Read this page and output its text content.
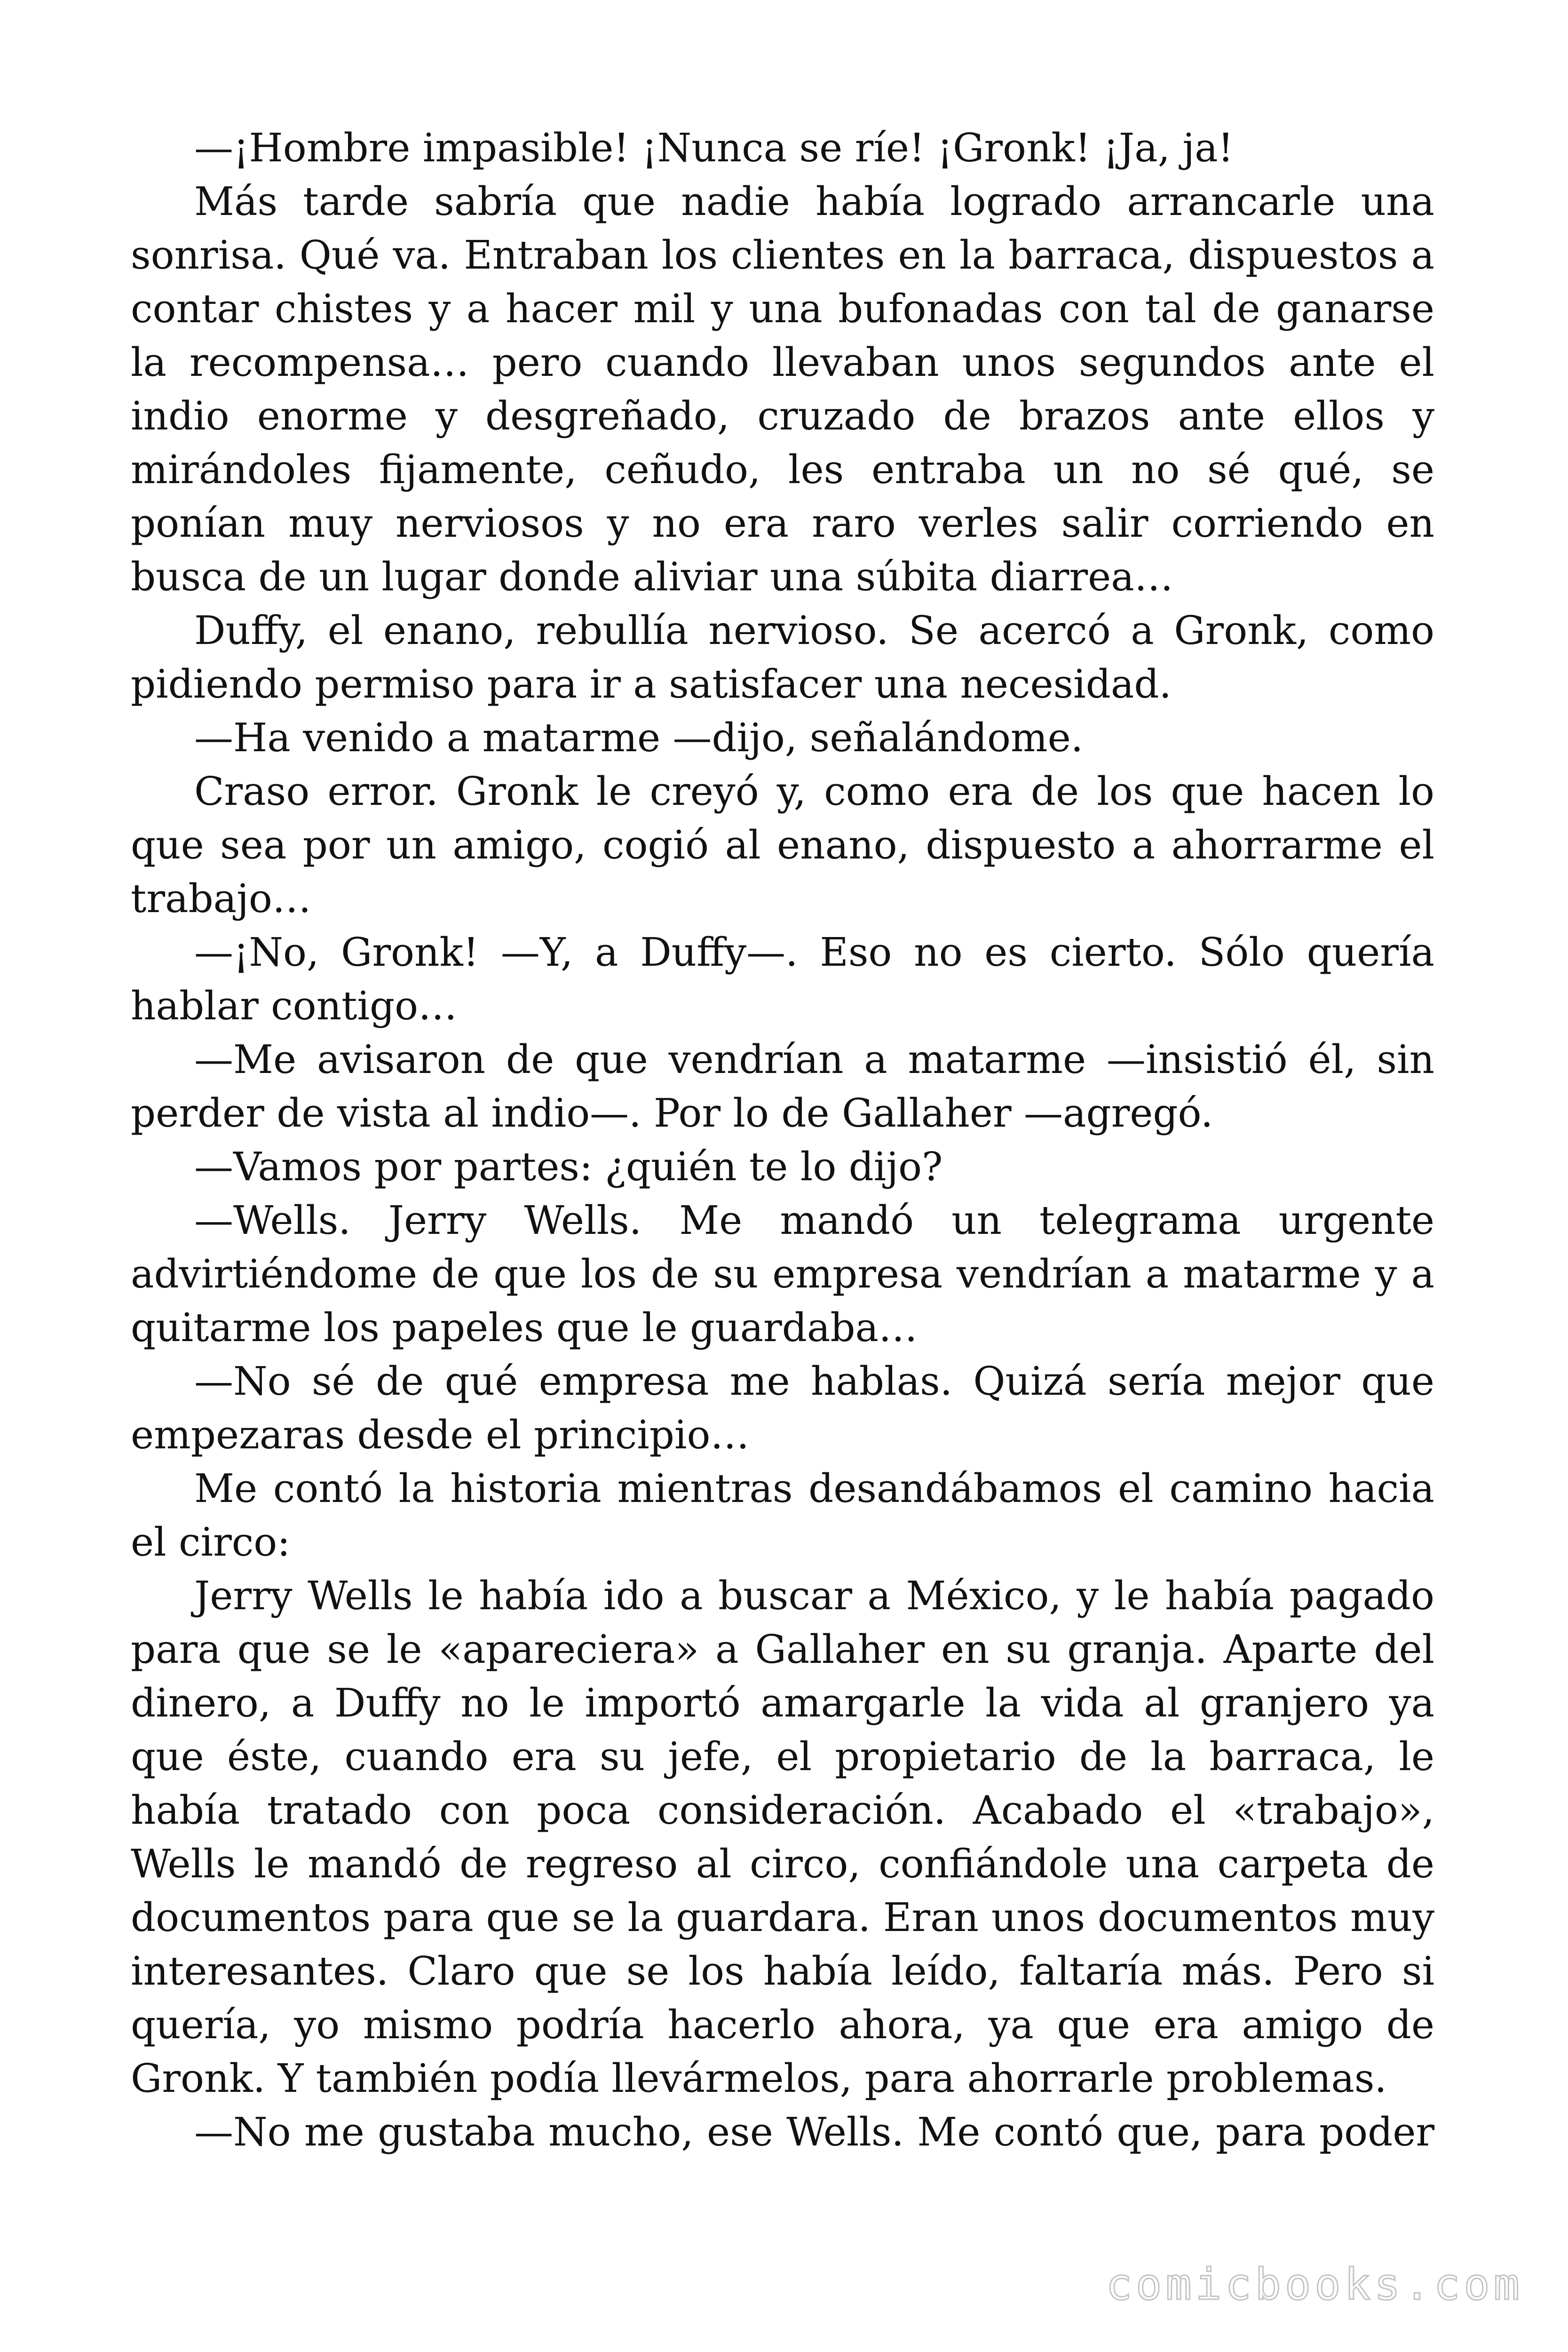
—¡Hombre impasible! ¡Nunca se ríe! ¡Gronk! ¡Ja, ja!

Más tarde sabría que nadie había logrado arrancarle una sonrisa. Qué va. Entraban los clientes en la barraca, dispuestos a contar chistes y a hacer mil y una bufonadas con tal de ganarse la recompensa… pero cuando llevaban unos segundos ante el indio enorme y desgreñado, cruzado de brazos ante ellos y mirándoles fijamente, ceñudo, les entraba un no sé qué, se ponían muy nerviosos y no era raro verles salir corriendo en busca de un lugar donde aliviar una súbita diarrea…

Duffy, el enano, rebullía nervioso. Se acercó a Gronk, como pidiendo permiso para ir a satisfacer una necesidad.

—Ha venido a matarme —dijo, señalándome.

Craso error. Gronk le creyó y, como era de los que hacen lo que sea por un amigo, cogió al enano, dispuesto a ahorrarme el trabajo…

—¡No, Gronk! —Y, a Duffy—. Eso no es cierto. Sólo quería hablar contigo…

—Me avisaron de que vendrían a matarme —insistió él, sin perder de vista al indio—. Por lo de Gallaher —agregó.

—Vamos por partes: ¿quién te lo dijo?

—Wells. Jerry Wells. Me mandó un telegrama urgente advirtiéndome de que los de su empresa vendrían a matarme y a quitarme los papeles que le guardaba…

—No sé de qué empresa me hablas. Quizá sería mejor que empezaras desde el principio…

Me contó la historia mientras desandábamos el camino hacia el circo:

Jerry Wells le había ido a buscar a México, y le había pagado para que se le «apareciera» a Gallaher en su granja. Aparte del dinero, a Duffy no le importó amargarle la vida al granjero ya que éste, cuando era su jefe, el propietario de la barraca, le había tratado con poca consideración. Acabado el «trabajo», Wells le mandó de regreso al circo, confiándole una carpeta de documentos para que se la guardara. Eran unos documentos muy interesantes. Claro que se los había leído, faltaría más. Pero si quería, yo mismo podría hacerlo ahora, ya que era amigo de Gronk. Y también podía llevármelos, para ahorrarle problemas.

—No me gustaba mucho, ese Wells. Me contó que, para poder

comicbooks.com
